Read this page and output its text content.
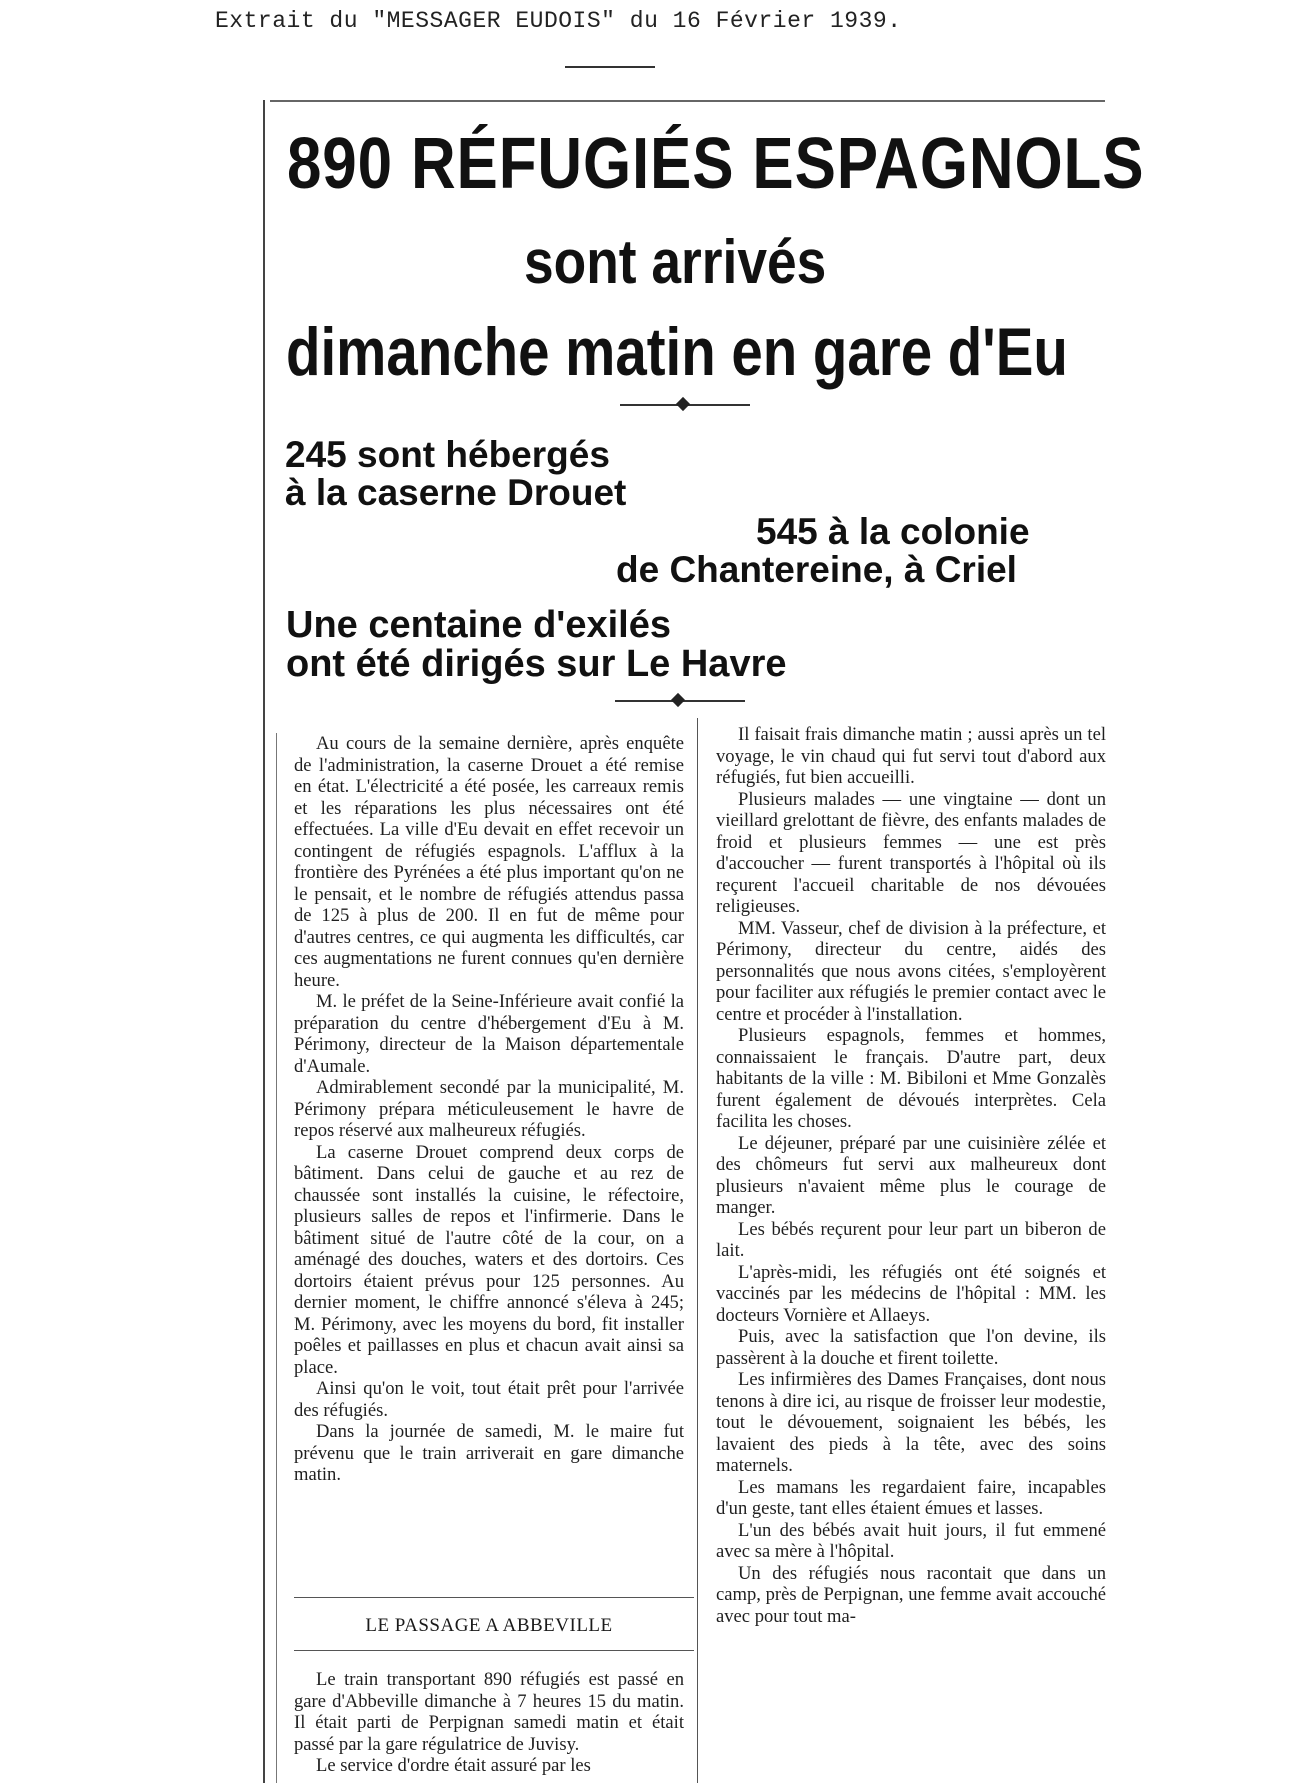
Extrait du "MESSAGER EUDOIS" du 16 Février 1939.
890 RÉFUGIÉS ESPAGNOLS
sont arrivés
dimanche matin en gare d'Eu
245 sont hébergés
à la caserne Drouet
545 à la colonie
de Chantereine, à Criel
Une centaine d'exilés
ont été dirigés sur Le Havre

Au cours de la semaine dernière, après enquête de l'administration, la caserne Drouet a été remise en état. L'électricité a été posée, les carreaux remis et les réparations les plus nécessaires ont été effectuées. La ville d'Eu devait en effet recevoir un contingent de réfugiés espagnols. L'afflux à la frontière des Pyrénées a été plus important qu'on ne le pensait, et le nombre de réfugiés attendus passa de 125 à plus de 200. Il en fut de même pour d'autres centres, ce qui augmenta les difficultés, car ces augmentations ne furent connues qu'en dernière heure.

M. le préfet de la Seine-Inférieure avait confié la préparation du centre d'hébergement d'Eu à M. Périmony, directeur de la Maison départementale d'Aumale.

Admirablement secondé par la municipalité, M. Périmony prépara méticuleusement le havre de repos réservé aux malheureux réfugiés.

La caserne Drouet comprend deux corps de bâtiment. Dans celui de gauche et au rez de chaussée sont installés la cuisine, le réfectoire, plusieurs salles de repos et l'infirmerie. Dans le bâtiment situé de l'autre côté de la cour, on a aménagé des douches, waters et des dortoirs. Ces dortoirs étaient prévus pour 125 personnes. Au dernier moment, le chiffre annoncé s'éleva à 245; M. Périmony, avec les moyens du bord, fit installer poêles et paillasses en plus et chacun avait ainsi sa place.

Ainsi qu'on le voit, tout était prêt pour l'arrivée des réfugiés.

Dans la journée de samedi, M. le maire fut prévenu que le train arriverait en gare dimanche matin.

LE PASSAGE A ABBEVILLE

Le train transportant 890 réfugiés est passé en gare d'Abbeville dimanche à 7 heures 15 du matin. Il était parti de Perpignan samedi matin et était passé par la gare régulatrice de Juvisy.

Le service d'ordre était assuré par les

Il faisait frais dimanche matin ; aussi après un tel voyage, le vin chaud qui fut servi tout d'abord aux réfugiés, fut bien accueilli.

Plusieurs malades — une vingtaine — dont un vieillard grelottant de fièvre, des enfants malades de froid et plusieurs femmes — une est près d'accoucher — furent transportés à l'hôpital où ils reçurent l'accueil charitable de nos dévouées religieuses.

MM. Vasseur, chef de division à la préfecture, et Périmony, directeur du centre, aidés des personnalités que nous avons citées, s'employèrent pour faciliter aux réfugiés le premier contact avec le centre et procéder à l'installation.

Plusieurs espagnols, femmes et hommes, connaissaient le français. D'autre part, deux habitants de la ville : M. Bibiloni et Mme Gonzalès furent également de dévoués interprètes. Cela facilita les choses.

Le déjeuner, préparé par une cuisinière zélée et des chômeurs fut servi aux malheureux dont plusieurs n'avaient même plus le courage de manger.

Les bébés reçurent pour leur part un biberon de lait.

L'après-midi, les réfugiés ont été soignés et vaccinés par les médecins de l'hôpital : MM. les docteurs Vornière et Allaeys.

Puis, avec la satisfaction que l'on devine, ils passèrent à la douche et firent toilette.

Les infirmières des Dames Françaises, dont nous tenons à dire ici, au risque de froisser leur modestie, tout le dévouement, soignaient les bébés, les lavaient des pieds à la tête, avec des soins maternels.

Les mamans les regardaient faire, incapables d'un geste, tant elles étaient émues et lasses.

L'un des bébés avait huit jours, il fut emmené avec sa mère à l'hôpital.

Un des réfugiés nous racontait que dans un camp, près de Perpignan, une femme avait accouché avec pour tout ma-
